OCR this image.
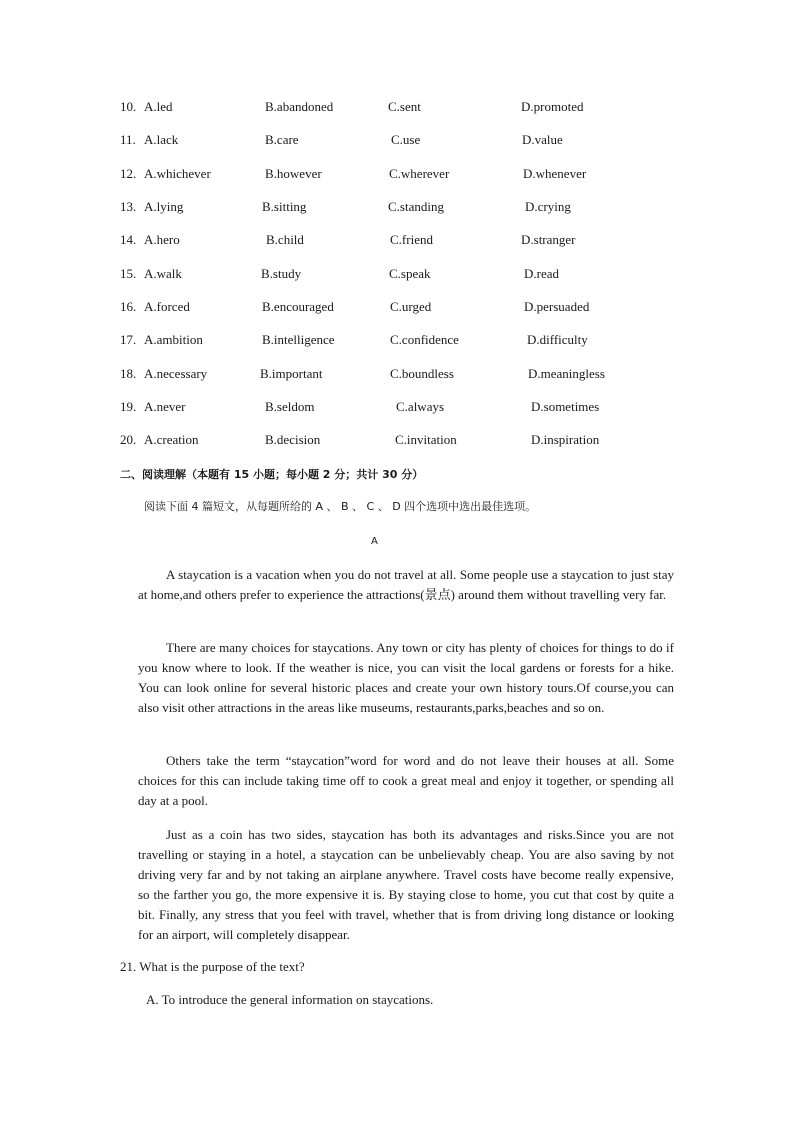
10. A.led	B.abandoned	C.sent	D.promoted
11. A.lack	B.care	C.use	D.value
12. A.whichever	B.however	C.wherever	D.whenever
13. A.lying	B.sitting	C.standing	D.crying
14. A.hero	B.child	C.friend	D.stranger
15. A.walk	B.study	C.speak	D.read
16. A.forced	B.encouraged	C.urged	D.persuaded
17. A.ambition	B.intelligence	C.confidence	D.difficulty
18. A.necessary	B.important	C.boundless	D.meaningless
19. A.never	B.seldom	C.always	D.sometimes
20. A.creation	B.decision	C.invitation	D.inspiration
二、阅读理解（本题有 15 小题；每小题 2 分；共计 30 分）
阅读下面 4 篇短文，从每题所给的 A 、 B 、 C 、 D 四个选项中选出最佳选项。
A

A staycation is a vacation when you do not travel at all. Some people use a staycation to just stay at home,and others prefer to experience the attractions(景点) around them without travelling very far.

There are many choices for staycations. Any town or city has plenty of choices for things to do if you know where to look. If the weather is nice, you can visit the local gardens or forests for a hike. You can look online for several historic places and create your own history tours.Of course,you can also visit other attractions in the areas like museums, restaurants,parks,beaches and so on.

Others take the term “staycation”word for word and do not leave their houses at all. Some choices for this can include taking time off to cook a great meal and enjoy it together, or spending all day at a pool.

Just as a coin has two sides, staycation has both its advantages and risks.Since you are not travelling or staying in a hotel, a staycation can be unbelievably cheap. You are also saving by not driving very far and by not taking an airplane anywhere. Travel costs have become really expensive, so the farther you go, the more expensive it is. By staying close to home, you cut that cost by quite a bit. Finally, any stress that you feel with travel, whether that is from driving long distance or looking for an airport, will completely disappear.

21. What is the purpose of the text?
A. To introduce the general information on staycations.
